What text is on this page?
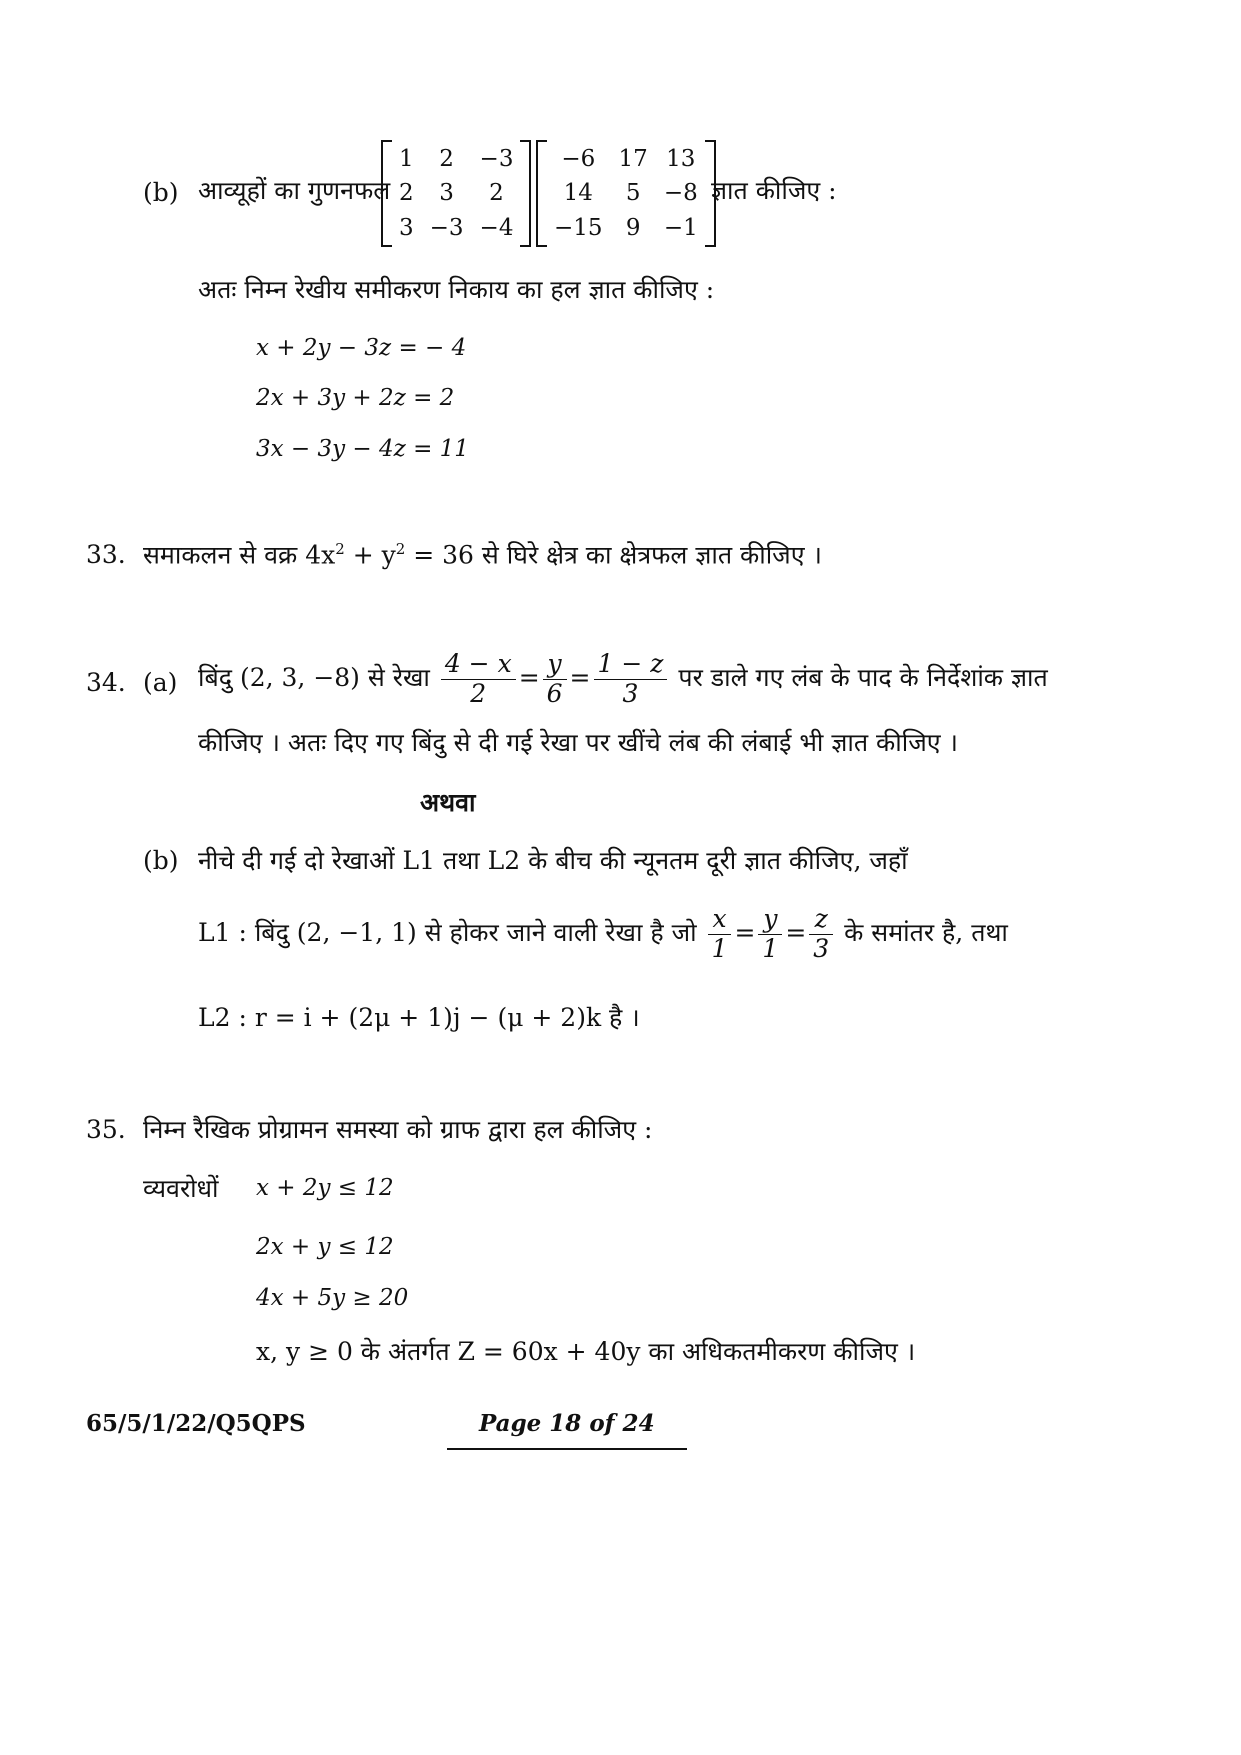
(b) आव्यूहों का गुणनफल
1	2	−3
2	3	2
3	−3	−4
−6	17	13
14	5	−8
−15	9	−1
ज्ञात कीजिए :
अतः निम्न रेखीय समीकरण निकाय का हल ज्ञात कीजिए :
x + 2y − 3z = − 4
2x + 3y + 2z = 2
3x − 3y − 4z = 11
33. समाकलन से वक्र $4x^2 + y^2 = 36$ से घिरे क्षेत्र का क्षेत्रफल ज्ञात कीजिए ।
34. (a) बिंदु (2, 3, −8) से रेखा $\frac{4 - x}{2} = \frac{y}{6} = \frac{1 - z}{3}$ पर डाले गए लंब के पाद के निर्देशांक ज्ञात
कीजिए । अतः दिए गए बिंदु से दी गई रेखा पर खींचे लंब की लंबाई भी ज्ञात कीजिए ।
अथवा
(b) नीचे दी गई दो रेखाओं L1 तथा L2 के बीच की न्यूनतम दूरी ज्ञात कीजिए, जहाँ
L1 : बिंदु (2, −1, 1) से होकर जाने वाली रेखा है जो $\frac{x}{1} = \frac{y}{1} = \frac{z}{3}$ के समांतर है, तथा
L2 : r = i + (2μ + 1)j − (μ + 2)k है ।
35. निम्न रैखिक प्रोग्रामन समस्या को ग्राफ द्वारा हल कीजिए :
व्यवरोधों x + 2y ≤ 12
2x + y ≤ 12
4x + 5y ≥ 20
x, y ≥ 0 के अंतर्गत Z = 60x + 40y का अधिकतमीकरण कीजिए ।
65/5/1/22/Q5QPS	Page 18 of 24
